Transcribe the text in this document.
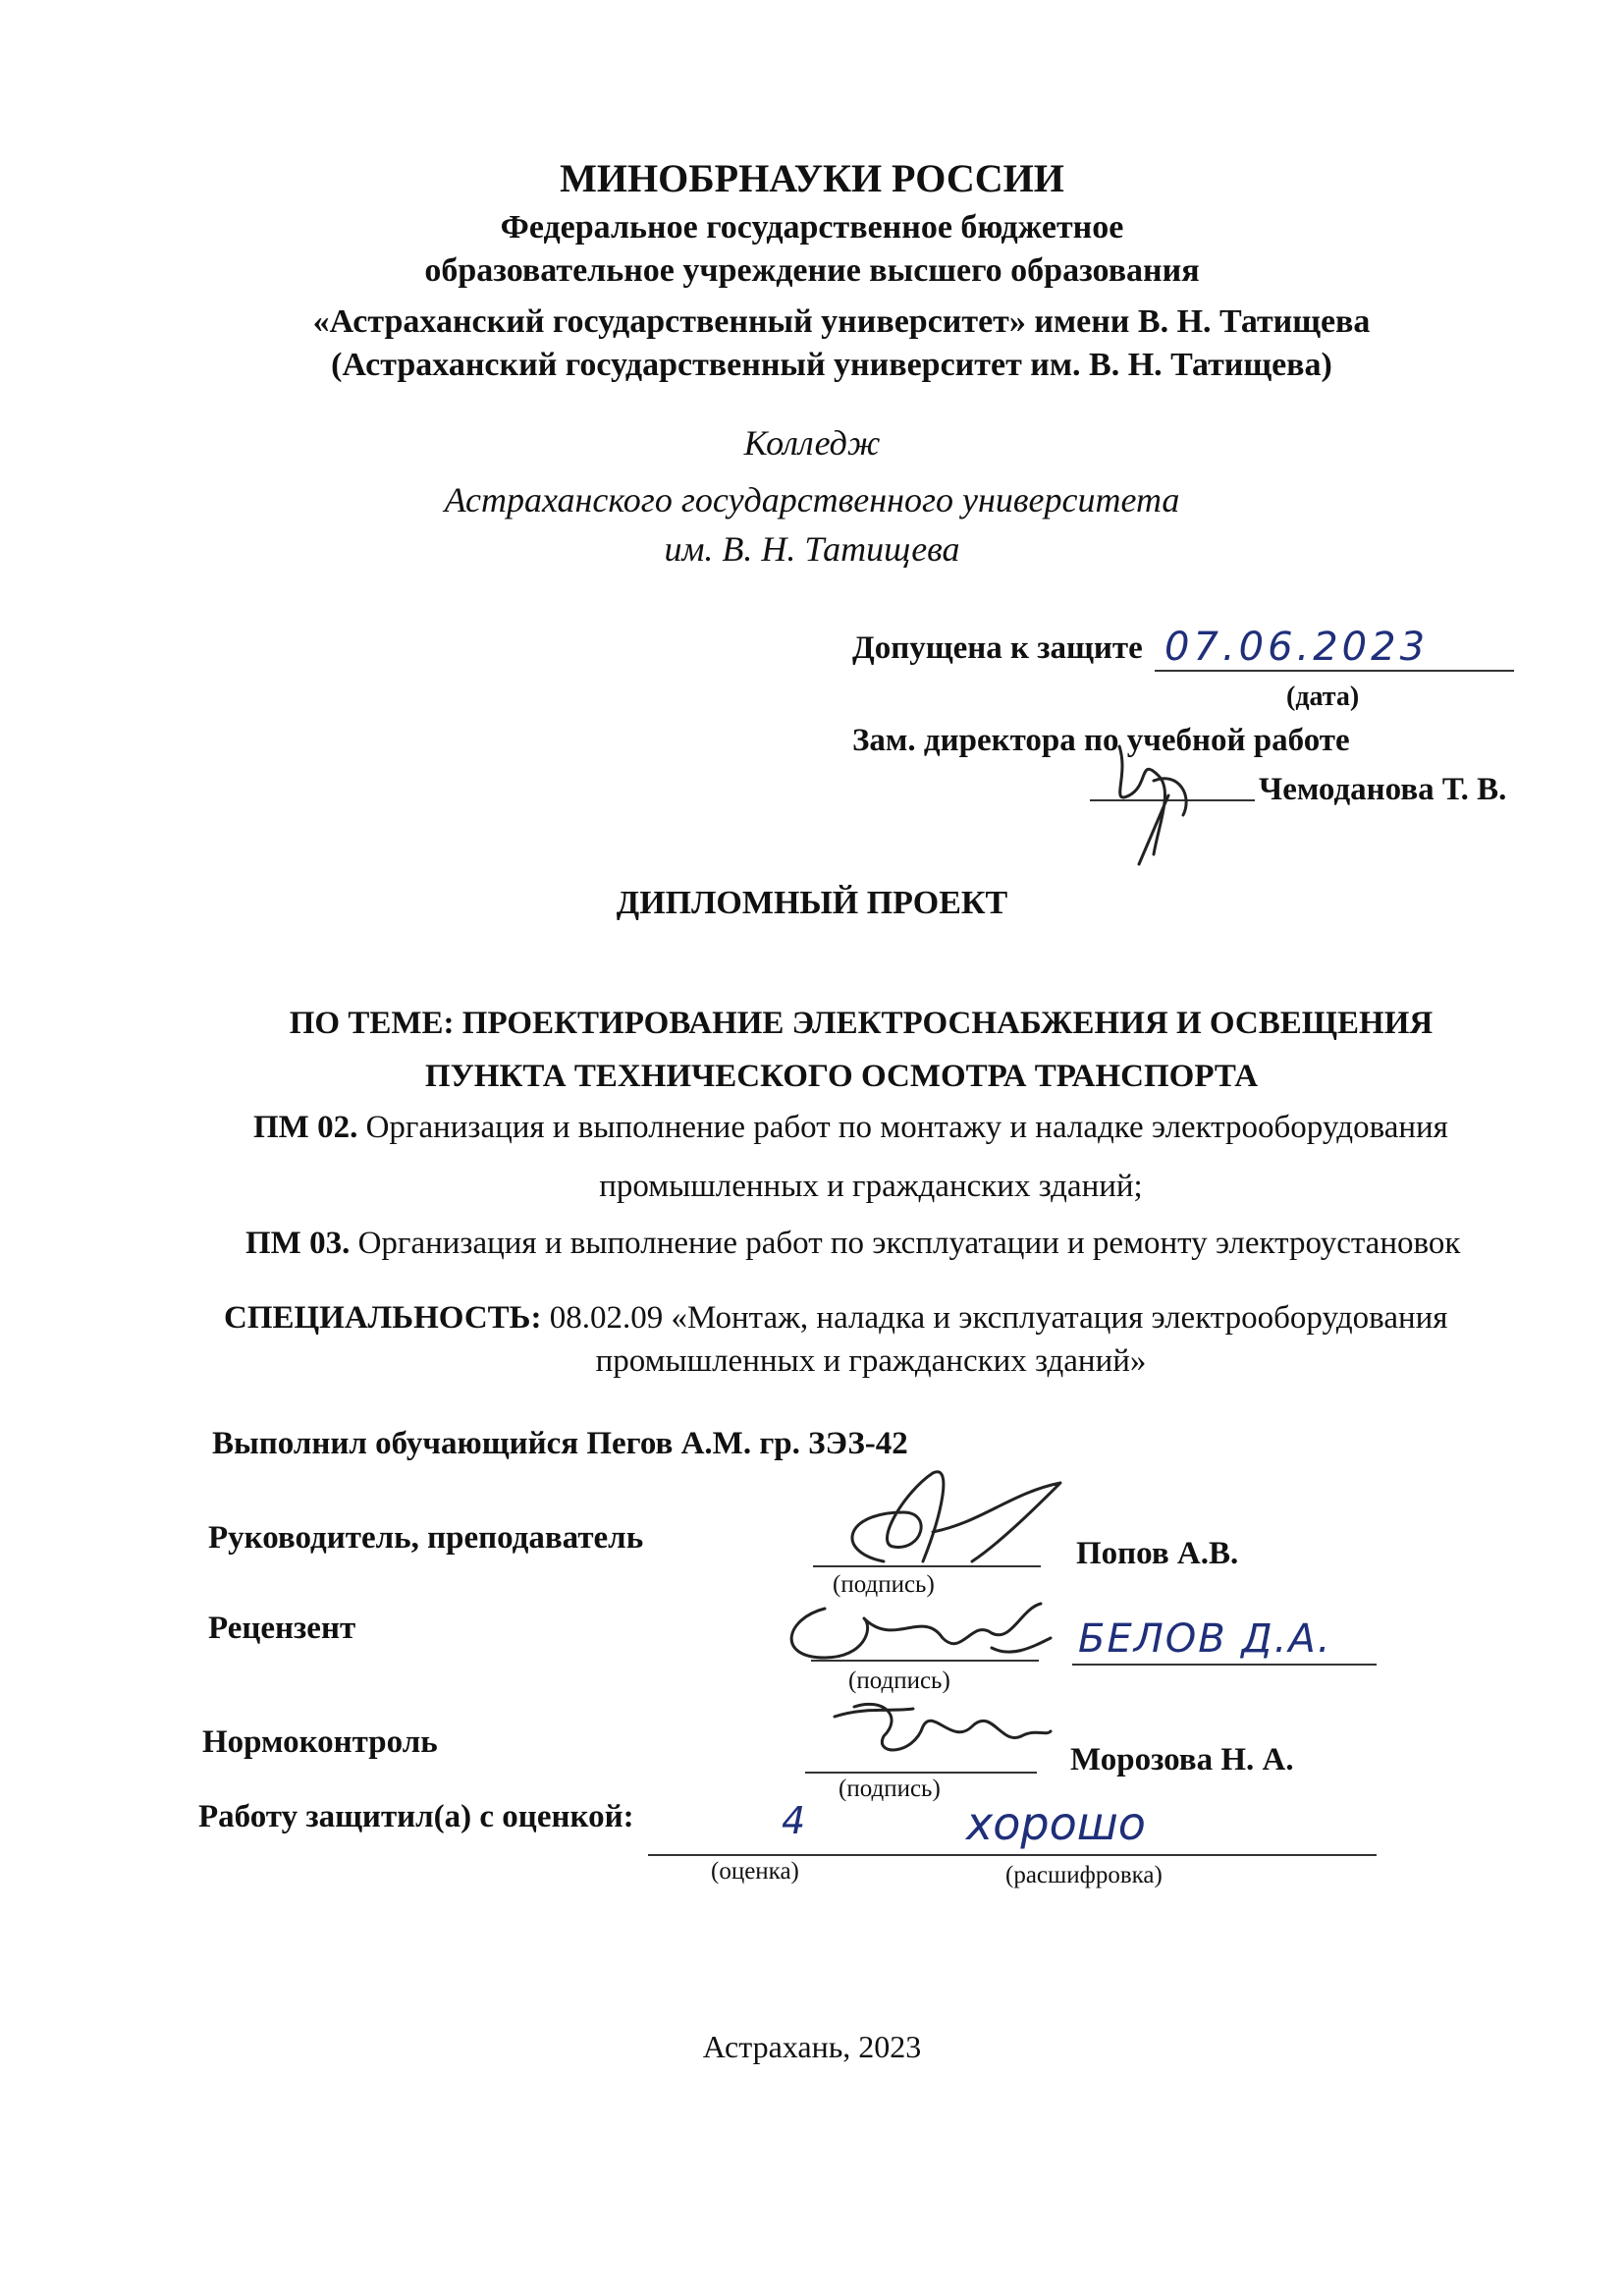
МИНОБРНАУКИ РОССИИ
Федеральное государственное бюджетное
образовательное учреждение высшего образования
«Астраханский государственный университет» имени В. Н. Татищева
(Астраханский государственный университет им. В. Н. Татищева)
Колледж
Астраханского государственного университета
им. В. Н. Татищева
Допущена к защите 07.06.2023
(дата)
Зам. директора по учебной работе
Чемоданова Т. В.
ДИПЛОМНЫЙ ПРОЕКТ
ПО ТЕМЕ: ПРОЕКТИРОВАНИЕ ЭЛЕКТРОСНАБЖЕНИЯ И ОСВЕЩЕНИЯ
ПУНКТА ТЕХНИЧЕСКОГО ОСМОТРА ТРАНСПОРТА
ПМ 02. Организация и выполнение работ по монтажу и наладке электрооборудования
промышленных и гражданских зданий;
ПМ 03. Организация и выполнение работ по эксплуатации и ремонту электроустановок
СПЕЦИАЛЬНОСТЬ: 08.02.09 «Монтаж, наладка и эксплуатация электрооборудования
промышленных и гражданских зданий»
Выполнил обучающийся Пегов А.М. гр. ЗЭЗ-42
Руководитель, преподаватель
(подпись)
Попов А.В.
Рецензент
(подпись)
БЕЛОВ Д.А.
Нормоконтроль
(подпись)
Морозова Н. А.
Работу защитил(а) с оценкой:	4	хорошо
(оценка)	(расшифровка)
Астрахань, 2023
